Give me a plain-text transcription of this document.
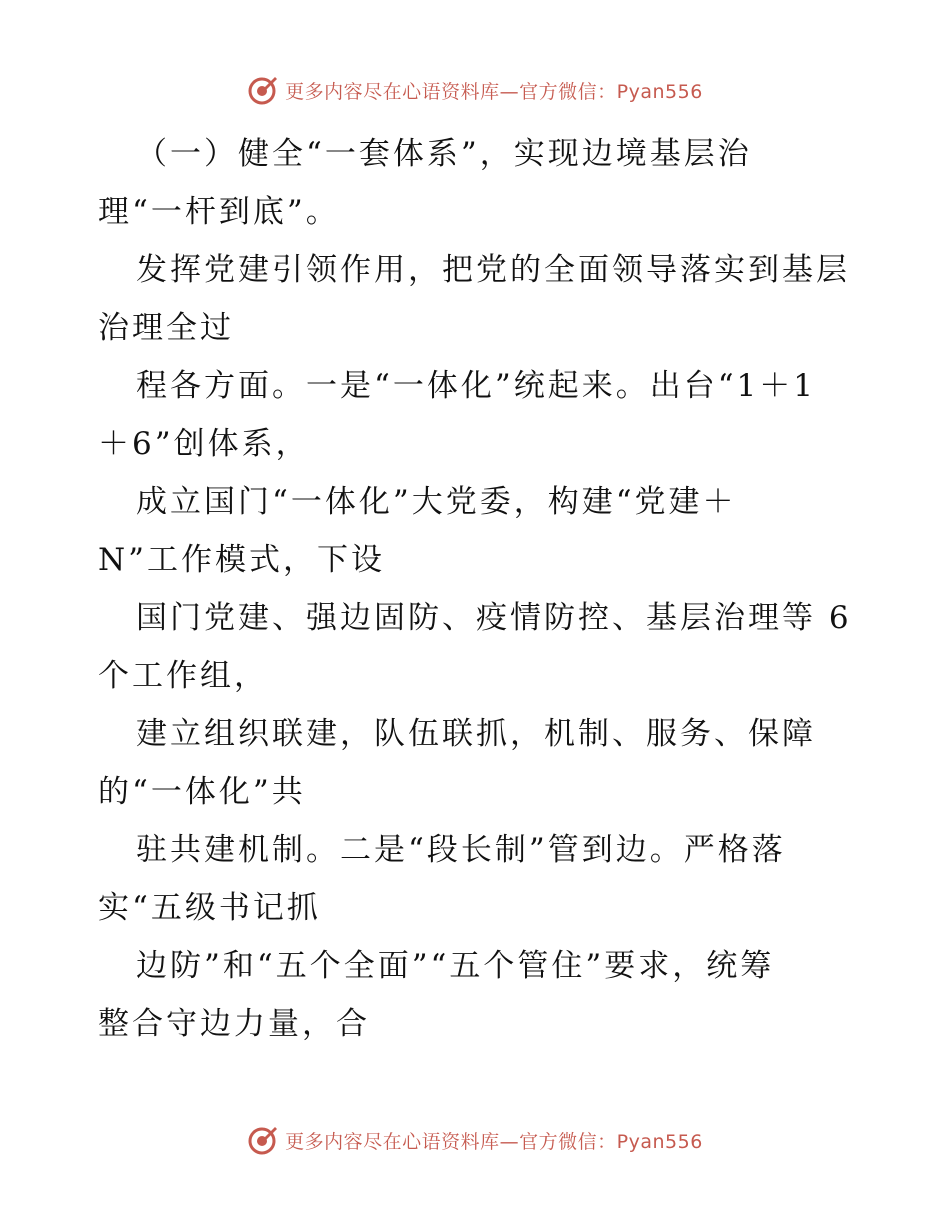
更多内容尽在心语资料库—官方微信：Pyan556
（一）健全“一套体系”，实现边境基层治
理“一杆到底”。
发挥党建引领作用，把党的全面领导落实到基层
治理全过
程各方面。一是“一体化”统起来。出台“1＋1
＋6”创体系，
成立国门“一体化”大党委，构建“党建＋
N”工作模式，下设
国门党建、强边固防、疫情防控、基层治理等 6
个工作组，
建立组织联建，队伍联抓，机制、服务、保障
的“一体化”共
驻共建机制。二是“段长制”管到边。严格落
实“五级书记抓
边防”和“五个全面”“五个管住”要求，统筹
整合守边力量，合
更多内容尽在心语资料库—官方微信：Pyan556
